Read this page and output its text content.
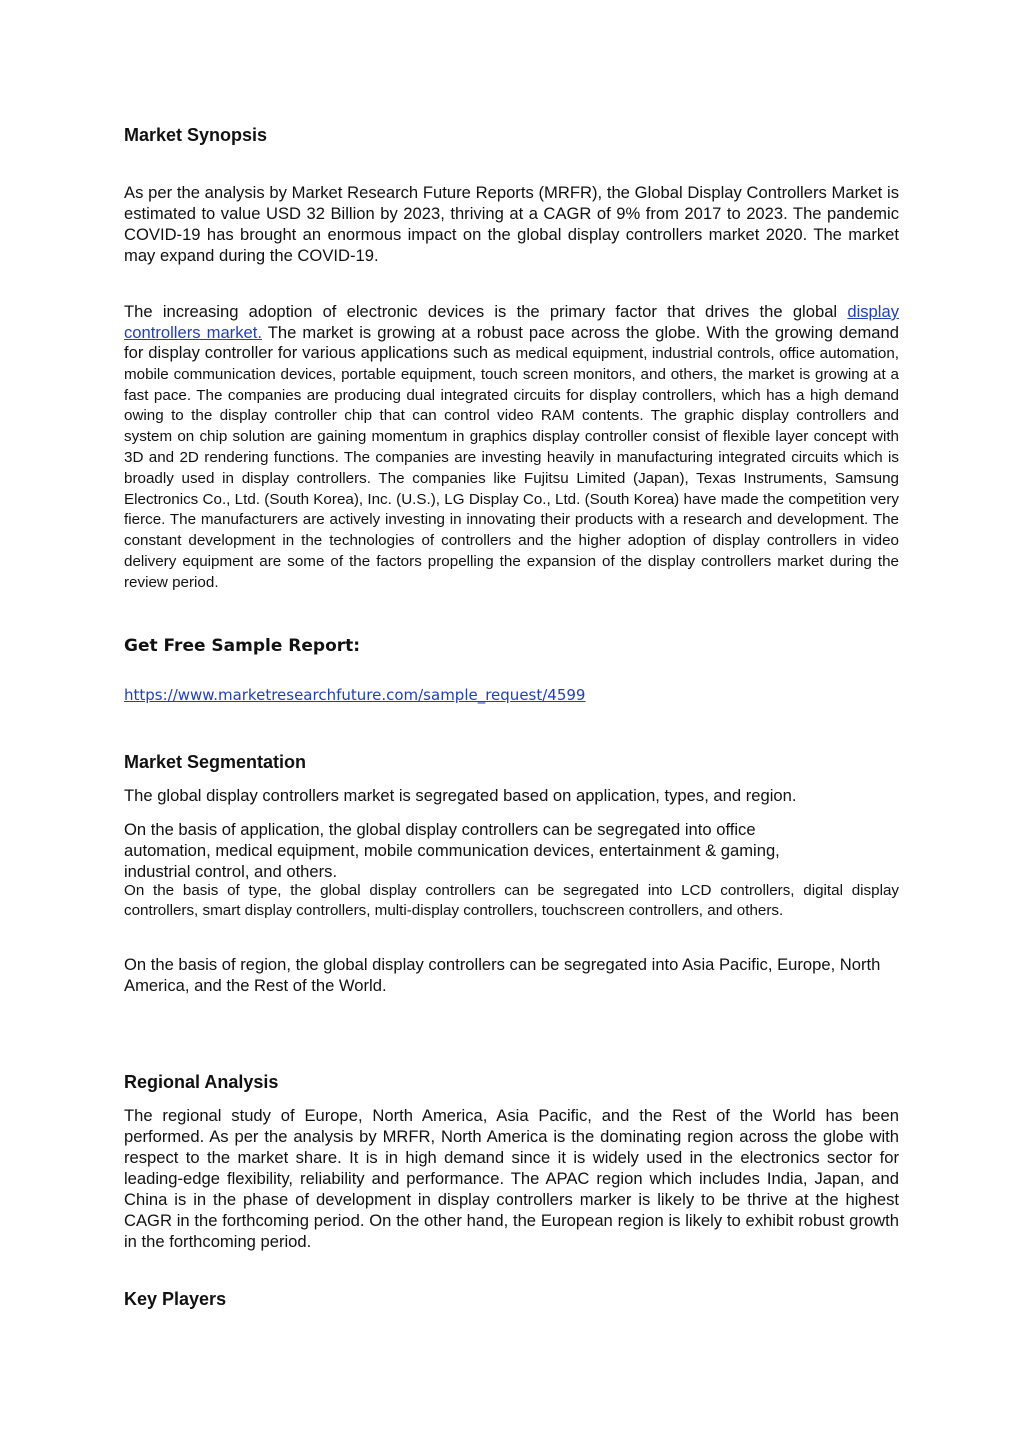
Market Synopsis

As per the analysis by Market Research Future Reports (MRFR), the Global Display Controllers Market is estimated to value USD 32 Billion by 2023, thriving at a CAGR of 9% from 2017 to 2023. The pandemic COVID-19 has brought an enormous impact on the global display controllers market 2020. The market may expand during the COVID-19.

The increasing adoption of electronic devices is the primary factor that drives the global display controllers market. The market is growing at a robust pace across the globe. With the growing demand for display controller for various applications such as medical equipment, industrial controls, office automation, mobile communication devices, portable equipment, touch screen monitors, and others, the market is growing at a fast pace. The companies are producing dual integrated circuits for display controllers, which has a high demand owing to the display controller chip that can control video RAM contents. The graphic display controllers and system on chip solution are gaining momentum in graphics display controller consist of flexible layer concept with 3D and 2D rendering functions. The companies are investing heavily in manufacturing integrated circuits which is broadly used in display controllers. The companies like Fujitsu Limited (Japan), Texas Instruments, Samsung Electronics Co., Ltd. (South Korea), Inc. (U.S.), LG Display Co., Ltd. (South Korea) have made the competition very fierce. The manufacturers are actively investing in innovating their products with a research and development. The constant development in the technologies of controllers and the higher adoption of display controllers in video delivery equipment are some of the factors propelling the expansion of the display controllers market during the review period.

Get Free Sample Report:
https://www.marketresearchfuture.com/sample_request/4599
Market Segmentation

The global display controllers market is segregated based on application, types, and region.

On the basis of application, the global display controllers can be segregated into office automation, medical equipment, mobile communication devices, entertainment & gaming, industrial control, and others.

On the basis of type, the global display controllers can be segregated into LCD controllers, digital display controllers, smart display controllers, multi-display controllers, touchscreen controllers, and others.

On the basis of region, the global display controllers can be segregated into Asia Pacific, Europe, North America, and the Rest of the World.

Regional Analysis

The regional study of Europe, North America, Asia Pacific, and the Rest of the World has been performed. As per the analysis by MRFR, North America is the dominating region across the globe with respect to the market share. It is in high demand since it is widely used in the electronics sector for leading-edge flexibility, reliability and performance. The APAC region which includes India, Japan, and China is in the phase of development in display controllers marker is likely to be thrive at the highest CAGR in the forthcoming period. On the other hand, the European region is likely to exhibit robust growth in the forthcoming period.

Key Players
